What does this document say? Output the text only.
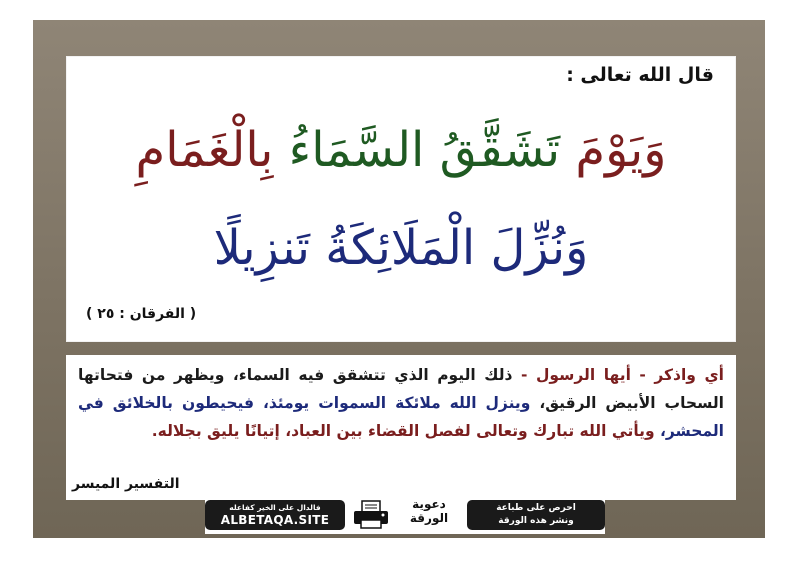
قال الله تعالى :
وَيَوْمَ تَشَقَّقُ السَّمَاءُ بِالْغَمَامِ
وَنُزِّلَ الْمَلَائِكَةُ تَنزِيلًا
( الفرقان : ٢٥ )
أي واذكر - أيها الرسول - ذلك اليوم الذي تتشقق فيه السماء، ويظهر من فتحاتها السحاب الأبيض الرقيق، وينزل الله ملائكة السموات يومئذ، فيحيطون بالخلائق في المحشر، ويأتي الله تبارك وتعالى لفصل القضاء بين العباد، إتيانًا يليق بجلاله.
التفسير الميسر
فالدال على الخير كفاعله
ALBETAQA.SITE
دعوية
الورقة
احرص على طباعة
ونشر هذه الورقة
